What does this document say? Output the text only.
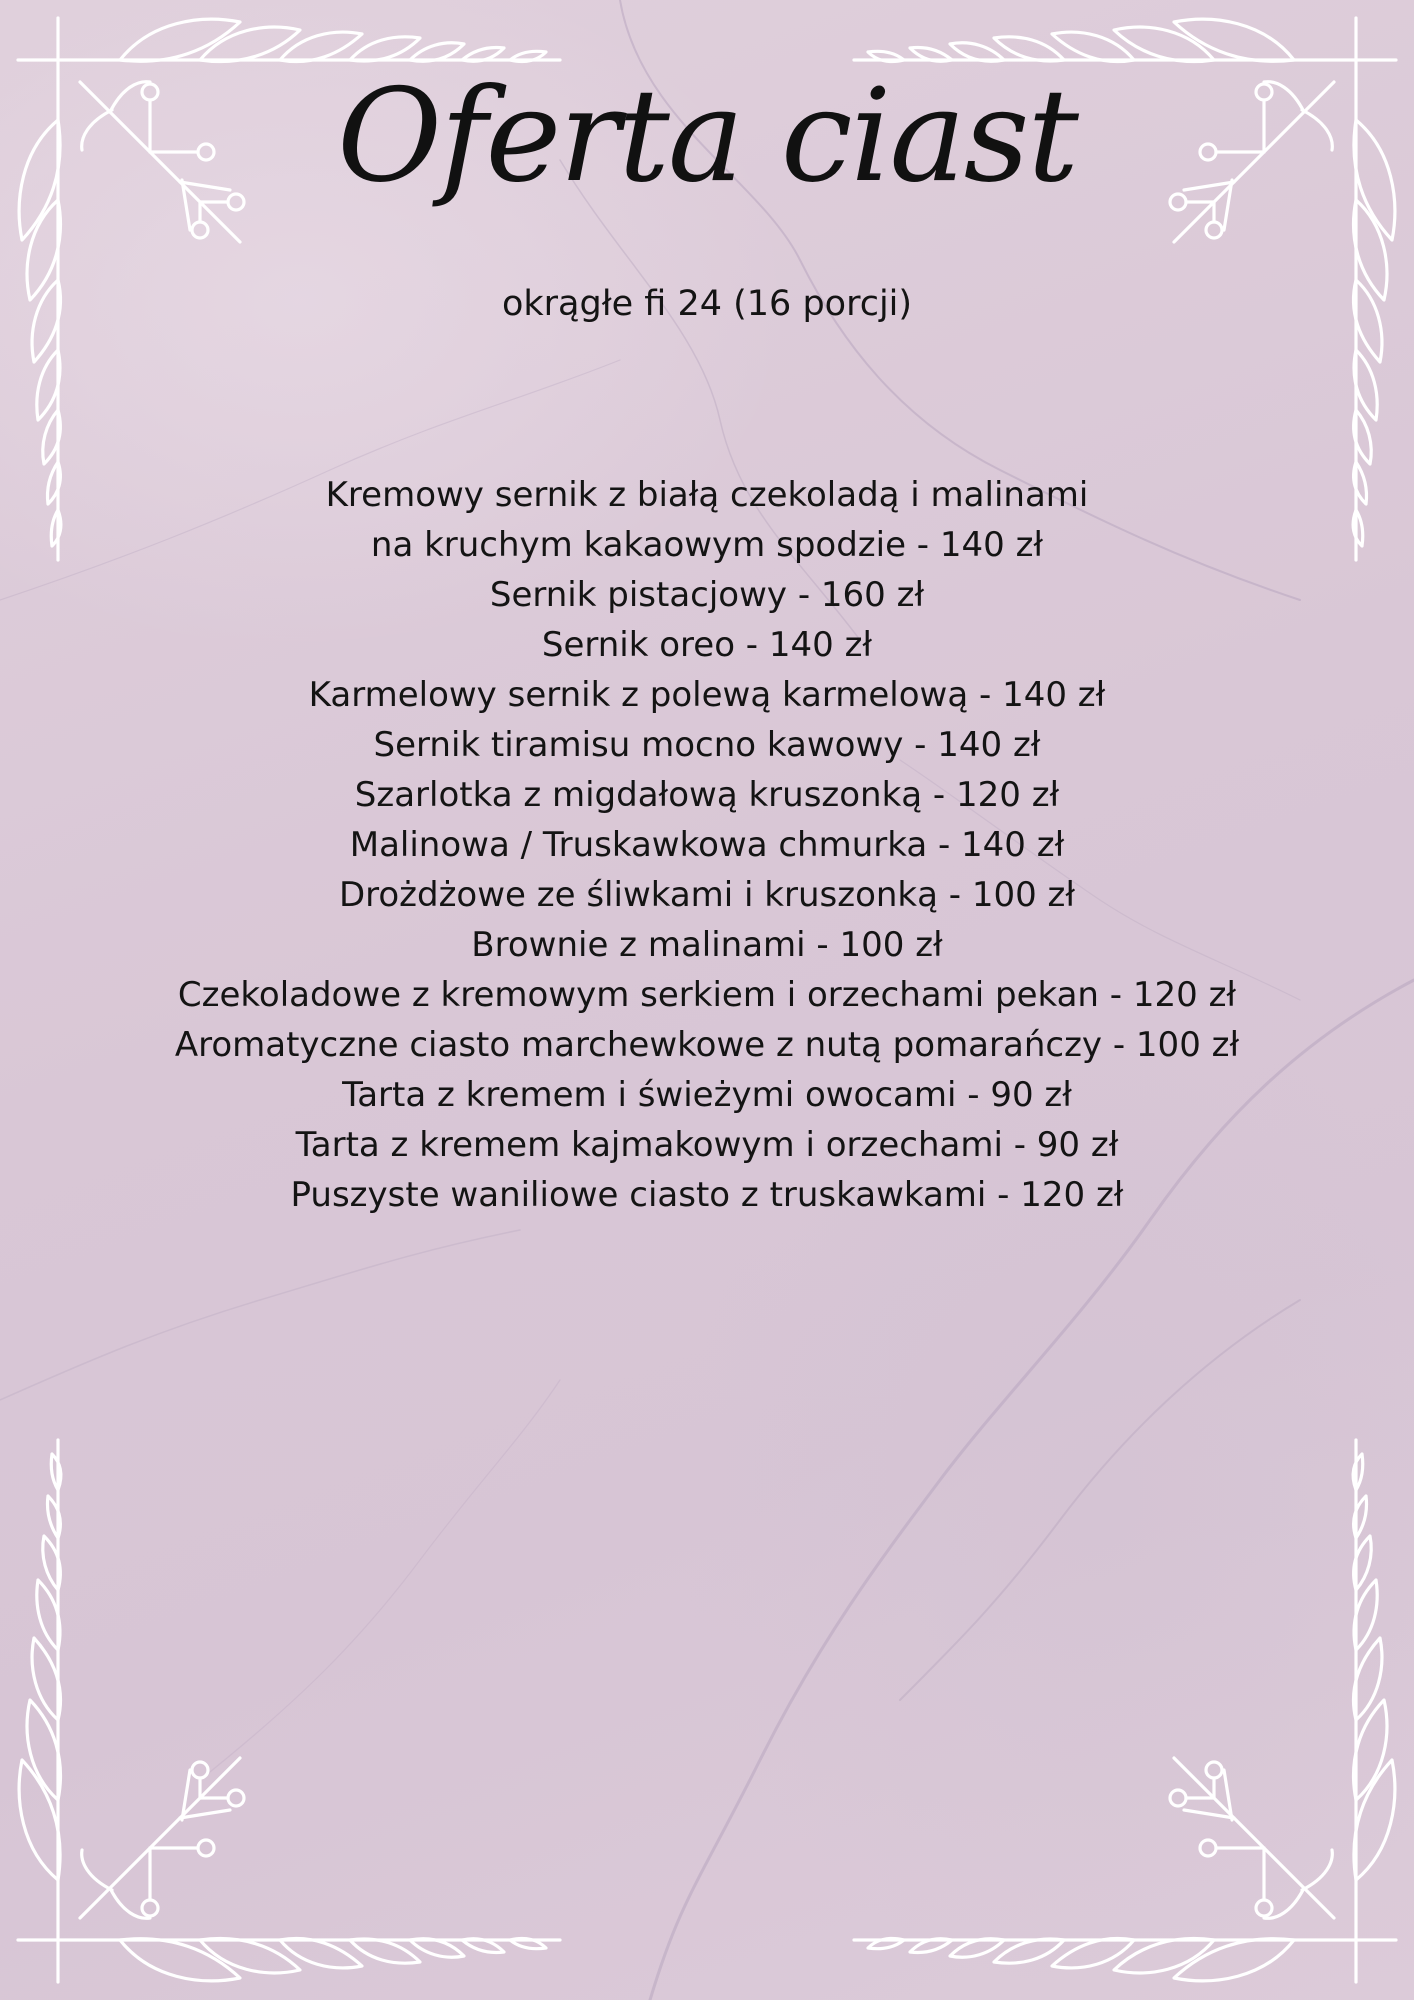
Oferta ciast
okrągłe fi 24 (16 porcji)
Kremowy sernik z białą czekoladą i malinami
na kruchym kakaowym spodzie - 140 zł
Sernik pistacjowy - 160 zł
Sernik oreo - 140 zł
Karmelowy sernik z polewą karmelową - 140 zł
Sernik tiramisu mocno kawowy - 140 zł
Szarlotka z migdałową kruszonką - 120 zł
Malinowa / Truskawkowa chmurka - 140 zł
Drożdżowe ze śliwkami i kruszonką - 100 zł
Brownie z malinami - 100 zł
Czekoladowe z kremowym serkiem i orzechami pekan - 120 zł
Aromatyczne ciasto marchewkowe z nutą pomarańczy - 100 zł
Tarta z kremem i świeżymi owocami - 90 zł
Tarta z kremem kajmakowym i orzechami - 90 zł
Puszyste waniliowe ciasto z truskawkami - 120 zł
